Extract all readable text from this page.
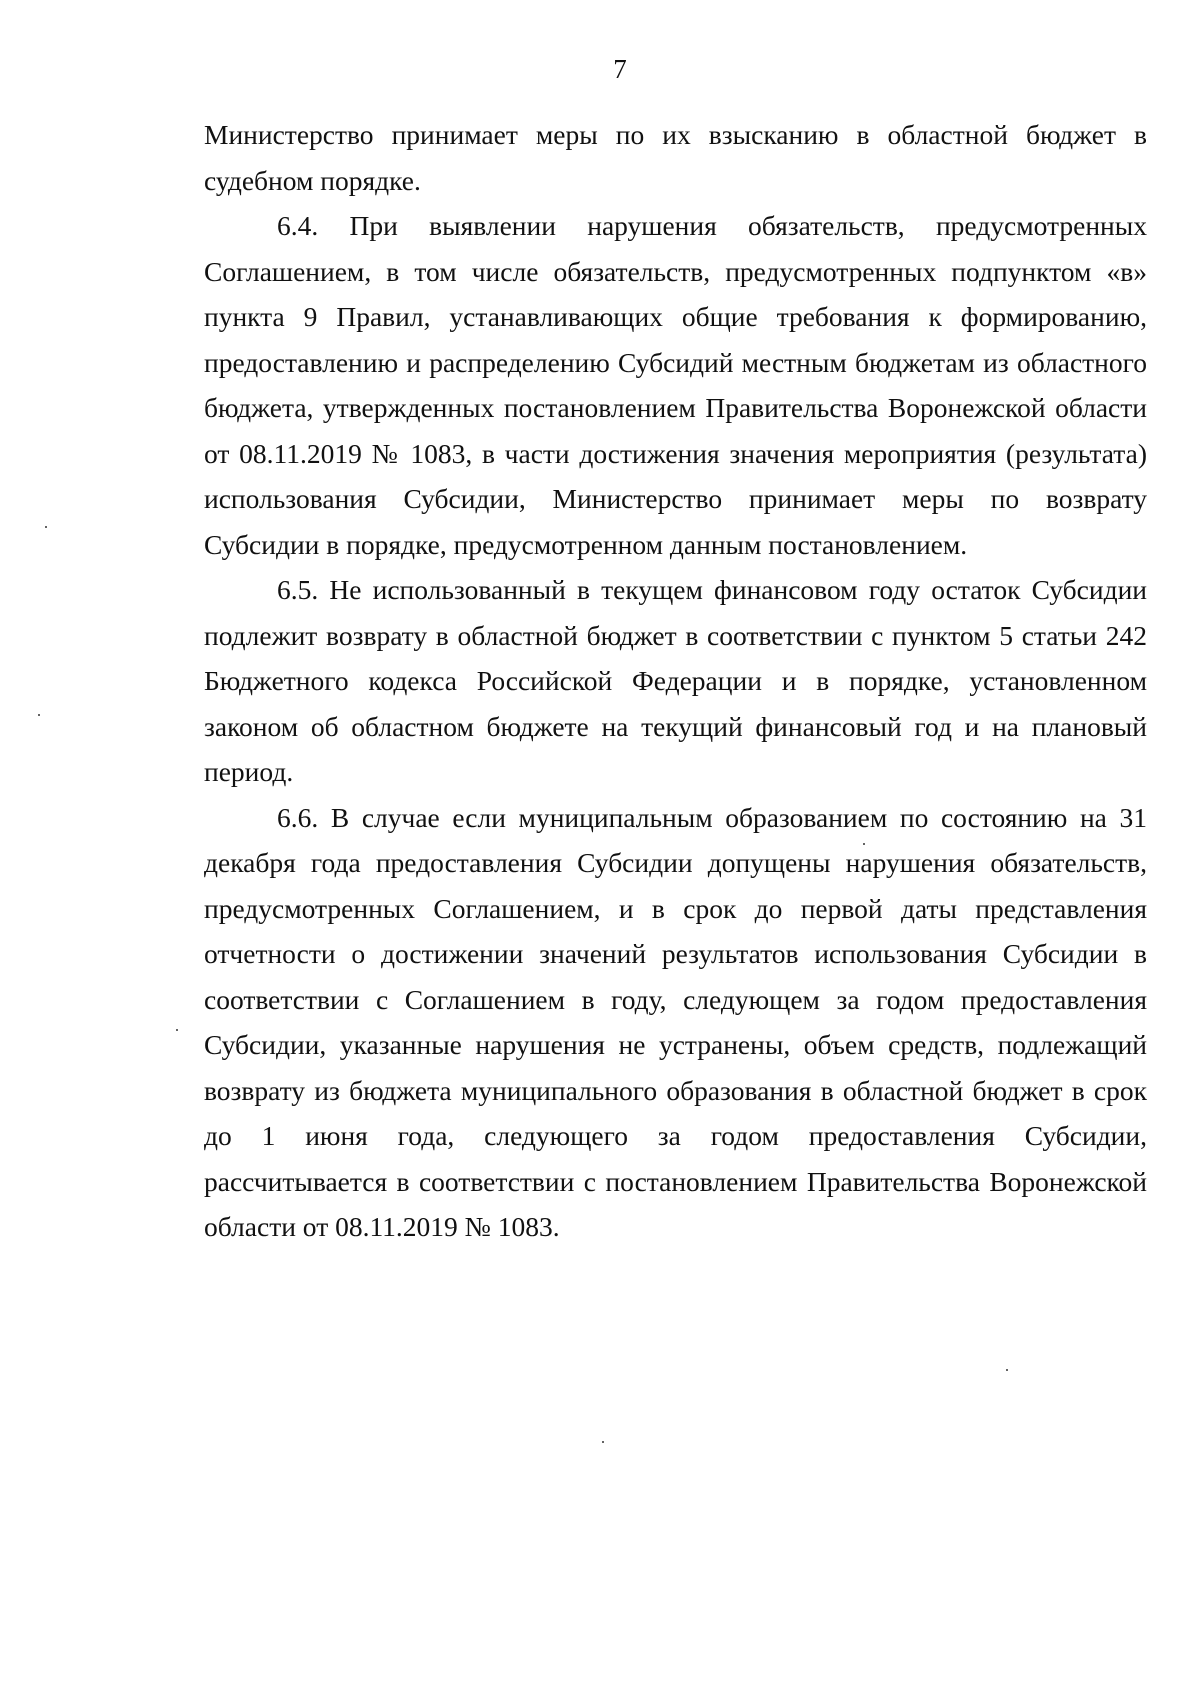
7

Министерство принимает меры по их взысканию в областной бюджет в судебном порядке.

6.4. При выявлении нарушения обязательств, предусмотренных Соглашением, в том числе обязательств, предусмотренных подпунктом «в» пункта 9 Правил, устанавливающих общие требования к формированию, предоставлению и распределению Субсидий местным бюджетам из областного бюджета, утвержденных постановлением Правительства Воронежской области от 08.11.2019 № 1083, в части достижения значения мероприятия (результата) использования Субсидии, Министерство принимает меры по возврату Субсидии в порядке, предусмотренном данным постановлением.

6.5. Не использованный в текущем финансовом году остаток Субсидии подлежит возврату в областной бюджет в соответствии с пунктом 5 статьи 242 Бюджетного кодекса Российской Федерации и в порядке, установленном законом об областном бюджете на текущий финансовый год и на плановый период.

6.6. В случае если муниципальным образованием по состоянию на 31 декабря года предоставления Субсидии допущены нарушения обязательств, предусмотренных Соглашением, и в срок до первой даты представления отчетности о достижении значений результатов использования Субсидии в соответствии с Соглашением в году, следующем за годом предоставления Субсидии, указанные нарушения не устранены, объем средств, подлежащий возврату из бюджета муниципального образования в областной бюджет в срок до 1 июня года, следующего за годом предоставления Субсидии, рассчитывается в соответствии с постановлением Правительства Воронежской области от 08.11.2019 № 1083.
